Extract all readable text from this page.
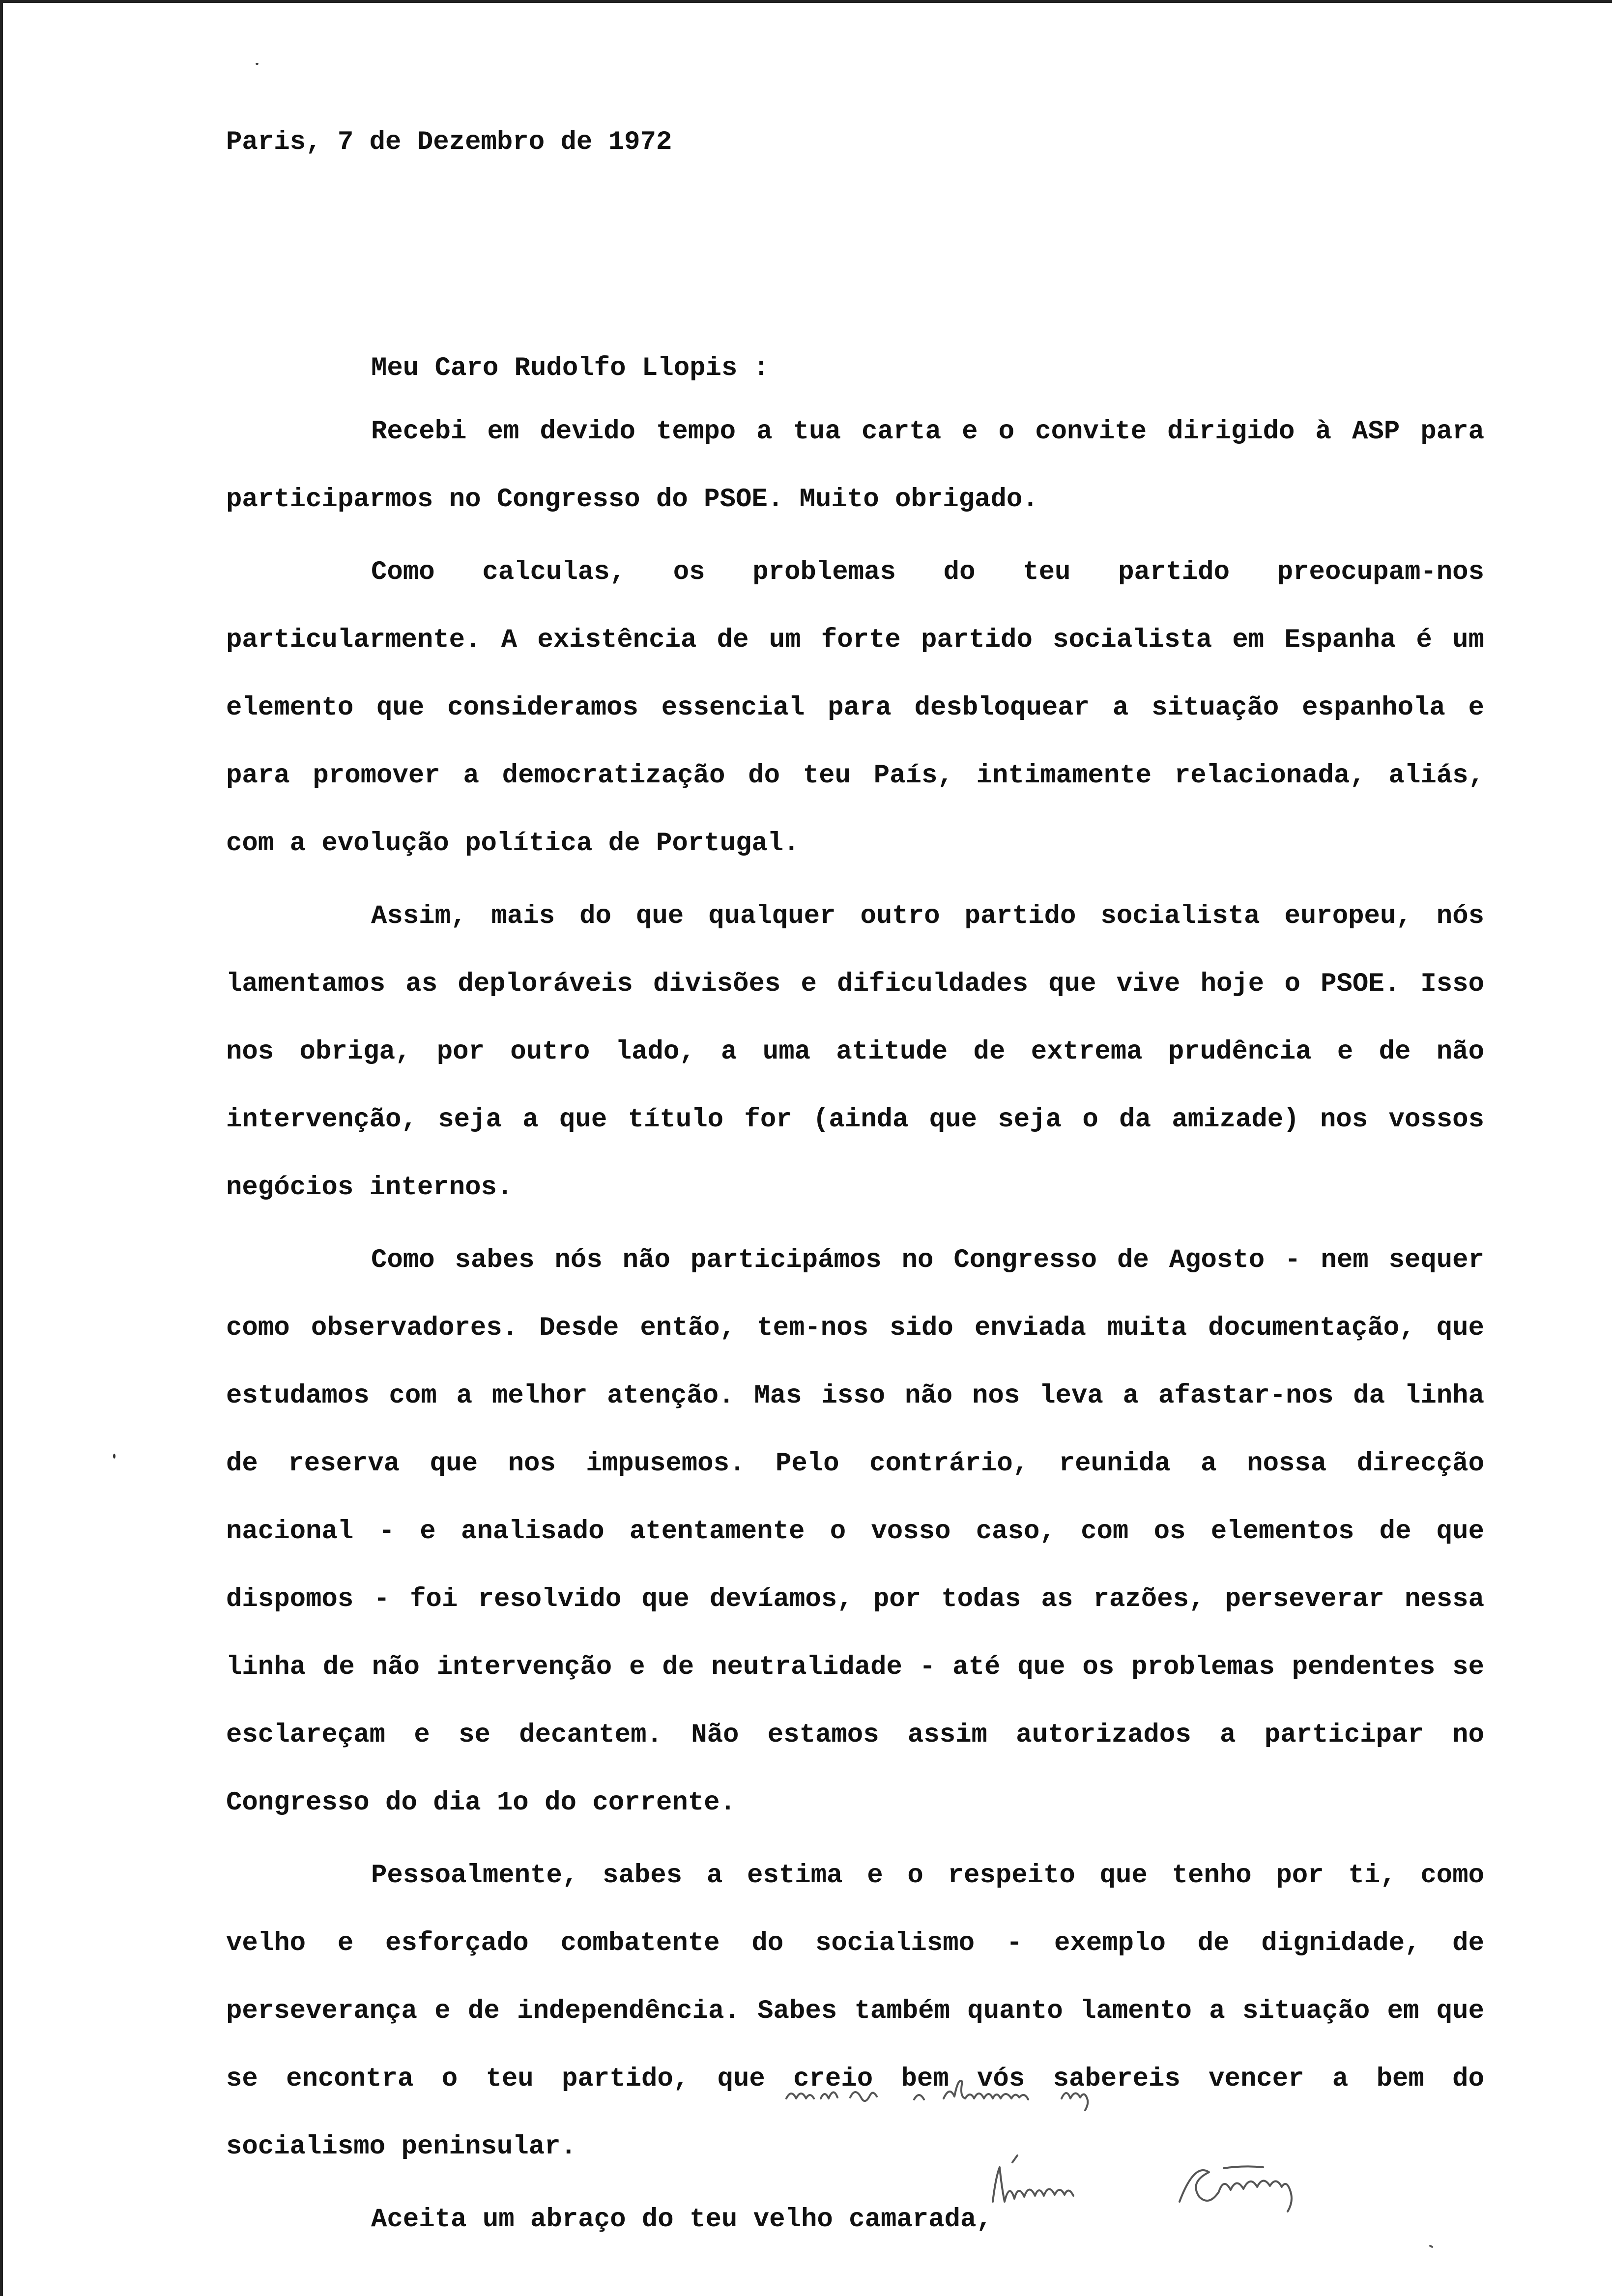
Paris, 7 de Dezembro de 1972

Meu Caro Rudolfo Llopis :

Recebi em devido tempo a tua carta e o convite dirigido à ASP para participarmos no Congresso do PSOE. Muito obrigado.

Como calculas, os problemas do teu partido preocupam-nos particularmente. A existência de um forte partido socialista em Espanha é um elemento que consideramos essencial para desbloquear a situação espanhola e para promover a democratização do teu País, intimamente relacionada, aliás, com a evolução política de Portugal.

Assim, mais do que qualquer outro partido socialista europeu, nós lamentamos as deploráveis divisões e dificuldades que vive hoje o PSOE. Isso nos obriga, por outro lado, a uma atitude de extrema prudência e de não intervenção, seja a que título for (ainda que seja o da amizade) nos vossos negócios internos.

Como sabes nós não participámos no Congresso de Agosto - nem sequer como observadores. Desde então, tem-nos sido enviada muita documentação, que estudamos com a melhor atenção. Mas isso não nos leva a afastar-nos da linha de reserva que nos impusemos. Pelo contrário, reunida a nossa direcção nacional - e analisado atentamente o vosso caso, com os elementos de que dispomos - foi resolvido que devíamos, por todas as razões, perseverar nessa linha de não intervenção e de neutralidade - até que os problemas pendentes se esclareçam e se decantem. Não estamos assim autorizados a participar no Congresso do dia 1o do corrente.

Pessoalmente, sabes a estima e o respeito que tenho por ti, como velho e esforçado combatente do socialismo - exemplo de dignidade, de perseverança e de independência. Sabes também quanto lamento a situação em que se encontra o teu partido, que creio bem vós sabereis vencer a bem do socialismo peninsular.

Aceita um abraço do teu velho camarada,
